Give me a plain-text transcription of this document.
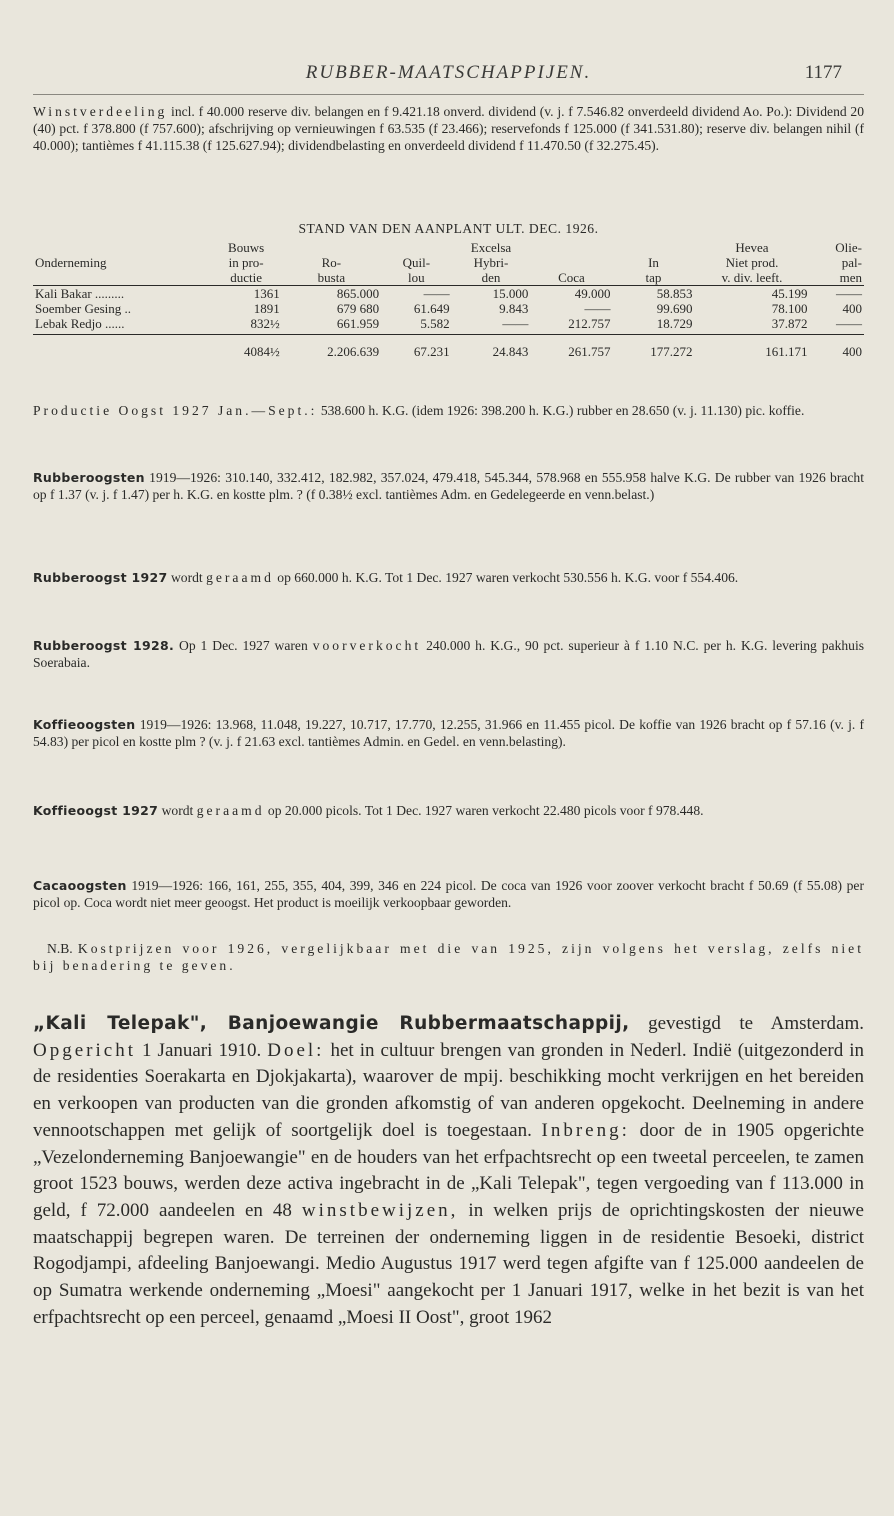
RUBBER-MAATSCHAPPIJEN.	1177

Winstverdeeling incl. f 40.000 reserve div. belangen en f 9.421.18 onverd. dividend (v. j. f 7.546.82 onverdeeld dividend Ao. Po.): Dividend 20 (40) pct. f 378.800 (f 757.600); afschrijving op vernieuwingen f 63.535 (f 23.466); reservefonds f 125.000 (f 341.531.80); reserve div. belangen nihil (f 40.000); tantièmes f 41.115.38 (f 125.627.94); dividendbelasting en onverdeeld dividend f 11.470.50 (f 32.275.45).

STAND VAN DEN AANPLANT ULT. DEC. 1926.

	Bouws			Excelsa			Hevea	Olie-
Onderneming	in pro-	Ro-	Quil-	Hybri-		In	Niet prod.	pal-
	ductie	busta	lou	den	Coca	tap	v. div. leeft.	men
Kali Bakar .........	1361	865.000	——	15.000	49.000	58.853	45.199	——
Soember Gesing ..	1891	679 680	61.649	9.843	——	99.690	78.100	400
Lebak Redjo ......	832½	661.959	5.582	——	212.757	18.729	37.872	——
	4084½	2.206.639	67.231	24.843	261.757	177.272	161.171	400

Productie Oogst 1927 Jan.—Sept.: 538.600 h. K.G. (idem 1926: 398.200 h. K.G.) rubber en 28.650 (v. j. 11.130) pic. koffie.

Rubberoogsten 1919—1926: 310.140, 332.412, 182.982, 357.024, 479.418, 545.344, 578.968 en 555.958 halve K.G. De rubber van 1926 bracht op f 1.37 (v. j. f 1.47) per h. K.G. en kostte plm. ? (f 0.38½ excl. tantièmes Adm. en Gedelegeerde en venn.belast.)

Rubberoogst 1927 wordt geraamd op 660.000 h. K.G. Tot 1 Dec. 1927 waren verkocht 530.556 h. K.G. voor f 554.406.

Rubberoogst 1928. Op 1 Dec. 1927 waren voorverkocht 240.000 h. K.G., 90 pct. superieur à f 1.10 N.C. per h. K.G. levering pakhuis Soerabaia.

Koffieoogsten 1919—1926: 13.968, 11.048, 19.227, 10.717, 17.770, 12.255, 31.966 en 11.455 picol. De koffie van 1926 bracht op f 57.16 (v. j. f 54.83) per picol en kostte plm ? (v. j. f 21.63 excl. tantièmes Admin. en Gedel. en venn.belasting).

Koffieoogst 1927 wordt geraamd op 20.000 picols. Tot 1 Dec. 1927 waren verkocht 22.480 picols voor f 978.448.

Cacaoogsten 1919—1926: 166, 161, 255, 355, 404, 399, 346 en 224 picol. De coca van 1926 voor zoover verkocht bracht f 50.69 (f 55.08) per picol op. Coca wordt niet meer geoogst. Het product is moeilijk verkoopbaar geworden.

N.B. Kostprijzen voor 1926, vergelijkbaar met die van 1925, zijn volgens het verslag, zelfs niet bij benadering te geven.

„Kali Telepak", Banjoewangie Rubbermaatschappij, gevestigd te Amsterdam. Opgericht 1 Januari 1910. Doel: het in cultuur brengen van gronden in Nederl. Indië (uitgezonderd in de residenties Soerakarta en Djokjakarta), waarover de mpij. beschikking mocht verkrijgen en het bereiden en verkoopen van producten van die gronden afkomstig of van anderen opgekocht. Deelneming in andere vennootschappen met gelijk of soortgelijk doel is toegestaan. Inbreng: door de in 1905 opgerichte „Vezelonderneming Banjoewangie" en de houders van het erfpachtsrecht op een tweetal perceelen, te zamen groot 1523 bouws, werden deze activa ingebracht in de „Kali Telepak", tegen vergoeding van f 113.000 in geld, f 72.000 aandeelen en 48 winstbewijzen, in welken prijs de oprichtingskosten der nieuwe maatschappij begrepen waren. De terreinen der onderneming liggen in de residentie Besoeki, district Rogodjampi, afdeeling Banjoewangi. Medio Augustus 1917 werd tegen afgifte van f 125.000 aandeelen de op Sumatra werkende onderneming „Moesi" aangekocht per 1 Januari 1917, welke in het bezit is van het erfpachtsrecht op een perceel, genaamd „Moesi II Oost", groot 1962
